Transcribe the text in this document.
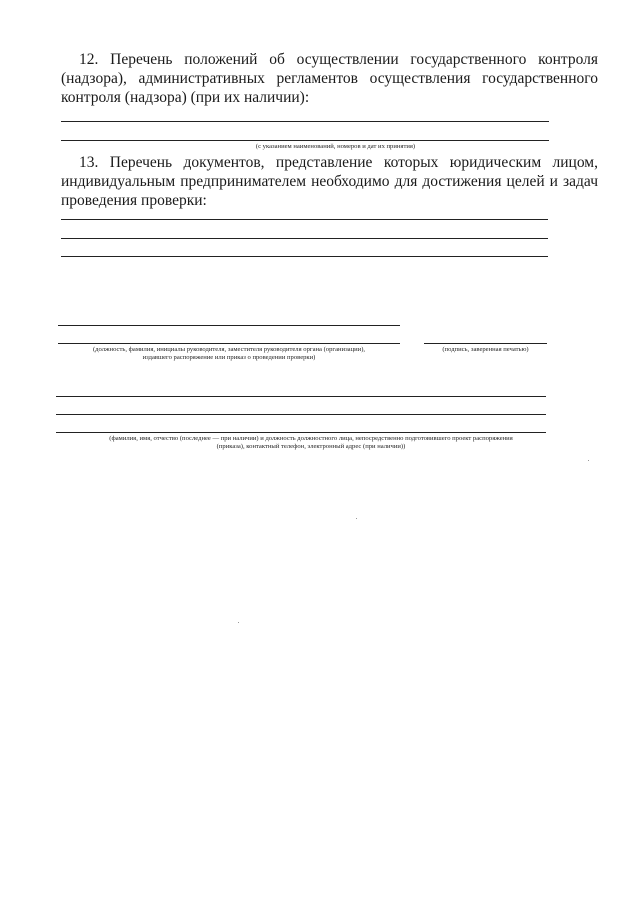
12. Перечень положений об осуществлении государственного контроля (надзора), административных регламентов осуществления государственного контроля (надзора) (при их наличии):
(с указанием наименований, номеров и дат их принятия)
13. Перечень документов, представление которых юридическим лицом, индивидуальным предпринимателем необходимо для достижения целей и задач проведения проверки:
(должность, фамилия, инициалы руководителя, заместителя руководителя органа (организации),
издавшего распоряжение или приказ о проведении проверки)
(подпись, заверенная печатью)
(фамилия, имя, отчество (последнее — при наличии) и должность должностного лица, непосредственно подготовившего проект распоряжения
(приказа), контактный телефон, электронный адрес (при наличии))
